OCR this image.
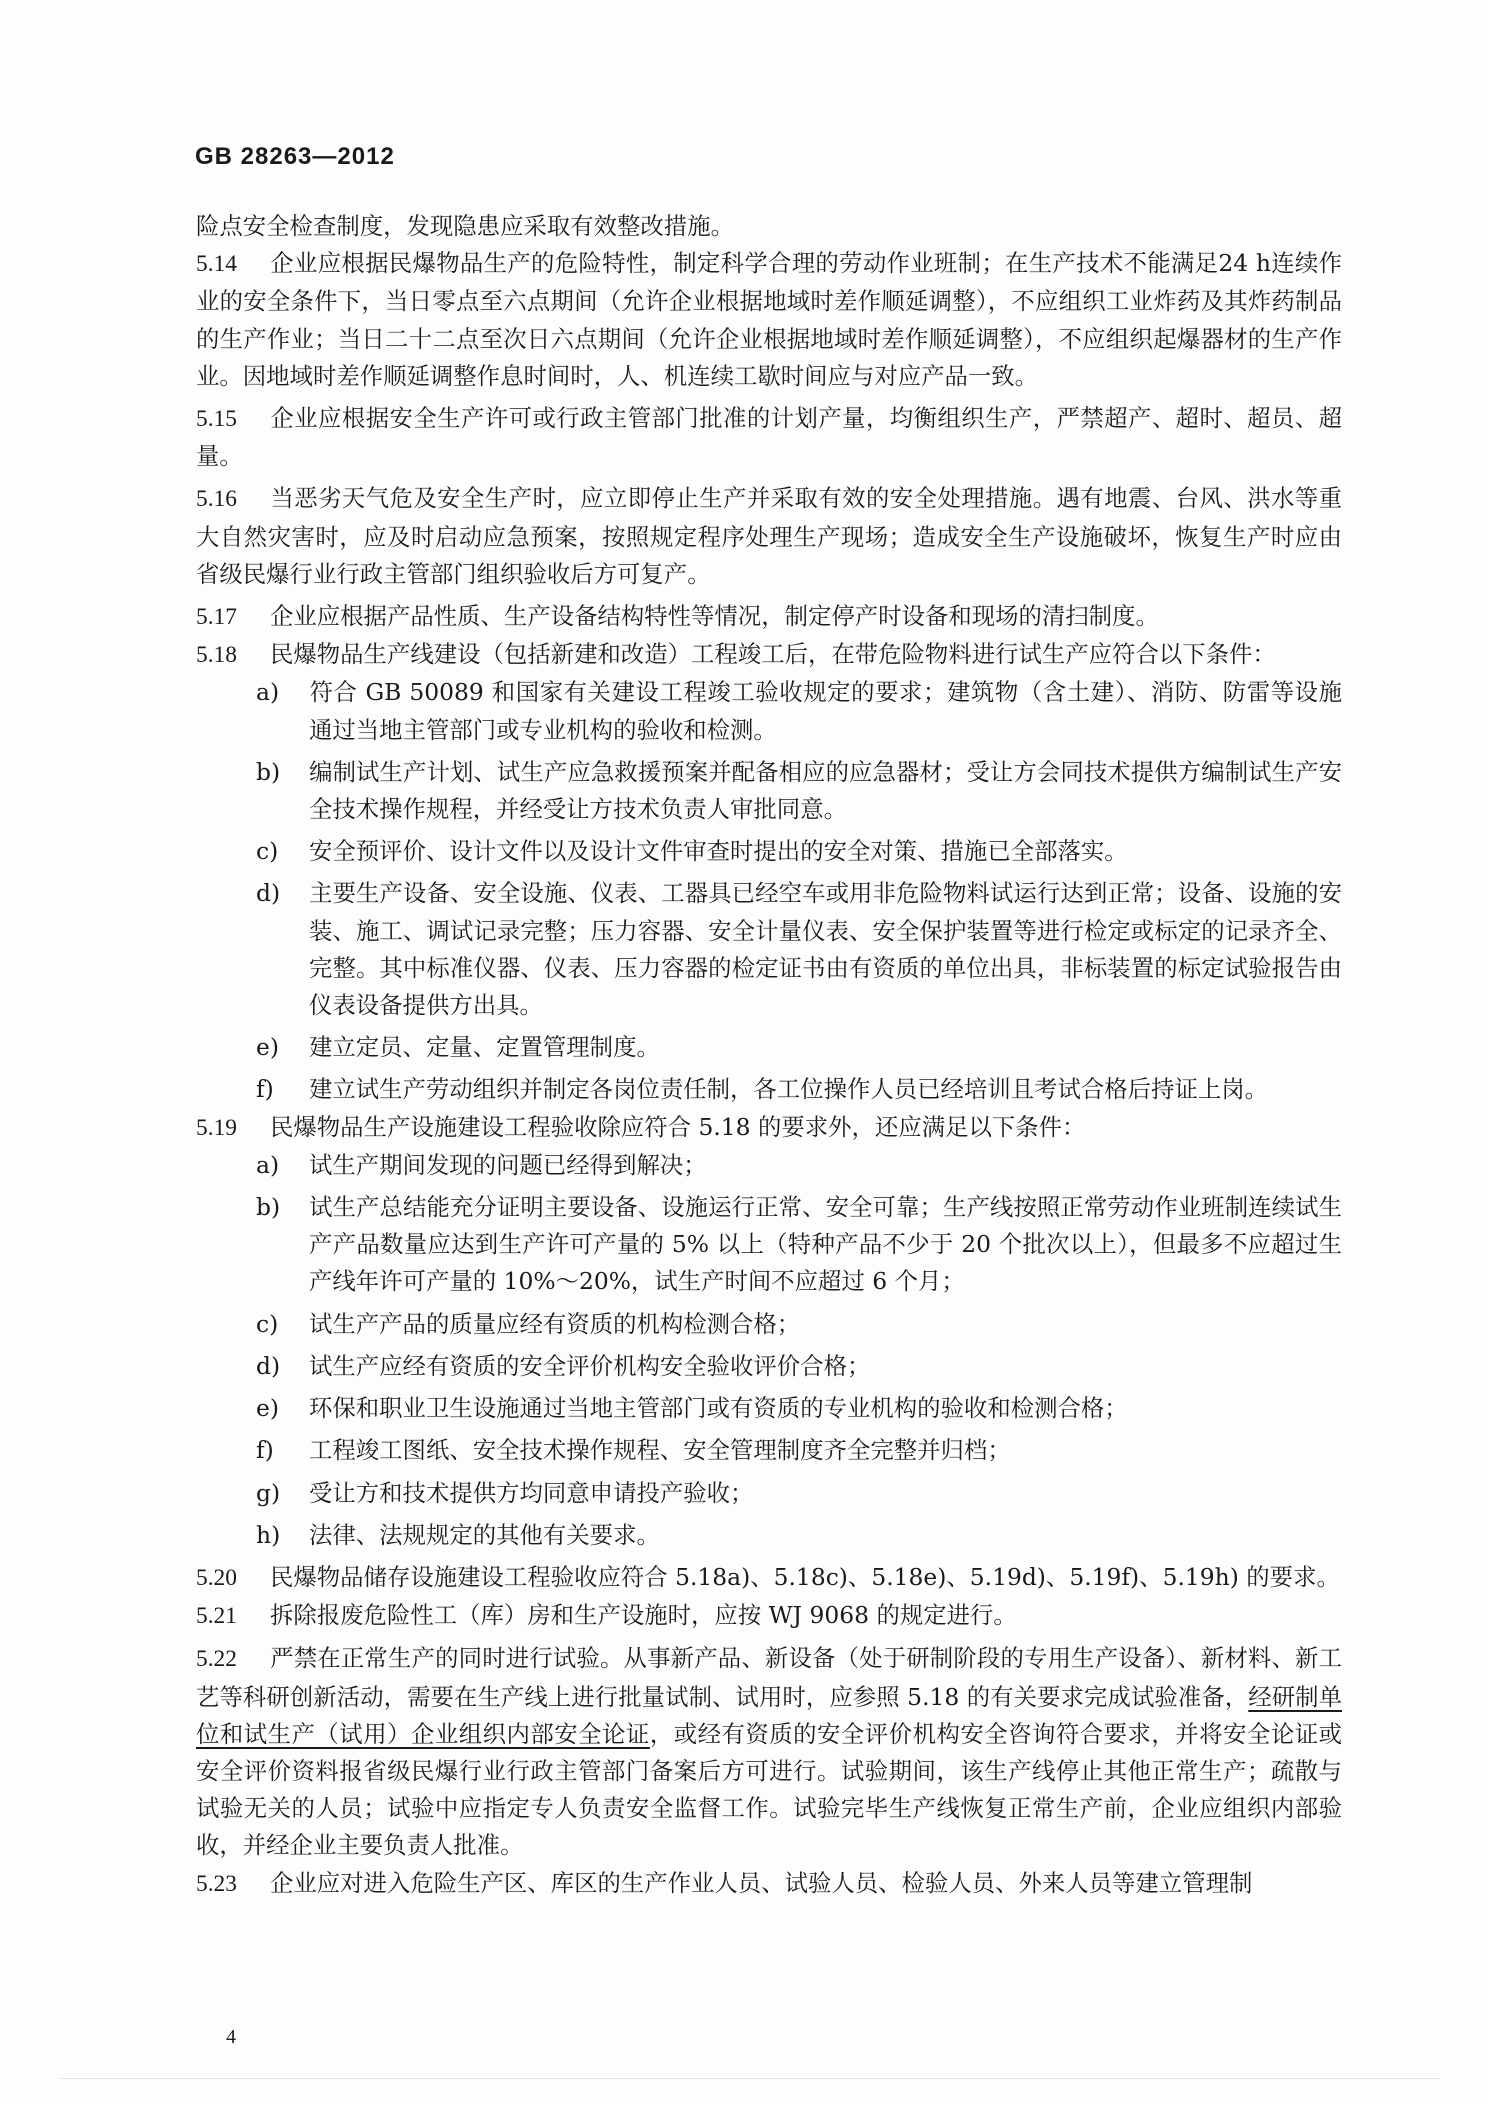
GB 28263—2012

险点安全检查制度，发现隐患应采取有效整改措施。

5.14 企业应根据民爆物品生产的危险特性，制定科学合理的劳动作业班制；在生产技术不能满足24 h连续作业的安全条件下，当日零点至六点期间（允许企业根据地域时差作顺延调整），不应组织工业炸药及其炸药制品的生产作业；当日二十二点至次日六点期间（允许企业根据地域时差作顺延调整），不应组织起爆器材的生产作业。因地域时差作顺延调整作息时间时，人、机连续工歇时间应与对应产品一致。

5.15 企业应根据安全生产许可或行政主管部门批准的计划产量，均衡组织生产，严禁超产、超时、超员、超量。

5.16 当恶劣天气危及安全生产时，应立即停止生产并采取有效的安全处理措施。遇有地震、台风、洪水等重大自然灾害时，应及时启动应急预案，按照规定程序处理生产现场；造成安全生产设施破坏，恢复生产时应由省级民爆行业行政主管部门组织验收后方可复产。

5.17 企业应根据产品性质、生产设备结构特性等情况，制定停产时设备和现场的清扫制度。

5.18 民爆物品生产线建设（包括新建和改造）工程竣工后，在带危险物料进行试生产应符合以下条件：

a) 符合 GB 50089 和国家有关建设工程竣工验收规定的要求；建筑物（含土建）、消防、防雷等设施通过当地主管部门或专业机构的验收和检测。

b) 编制试生产计划、试生产应急救援预案并配备相应的应急器材；受让方会同技术提供方编制试生产安全技术操作规程，并经受让方技术负责人审批同意。

c) 安全预评价、设计文件以及设计文件审查时提出的安全对策、措施已全部落实。

d) 主要生产设备、安全设施、仪表、工器具已经空车或用非危险物料试运行达到正常；设备、设施的安装、施工、调试记录完整；压力容器、安全计量仪表、安全保护装置等进行检定或标定的记录齐全、完整。其中标准仪器、仪表、压力容器的检定证书由有资质的单位出具，非标装置的标定试验报告由仪表设备提供方出具。

e) 建立定员、定量、定置管理制度。

f) 建立试生产劳动组织并制定各岗位责任制，各工位操作人员已经培训且考试合格后持证上岗。

5.19 民爆物品生产设施建设工程验收除应符合 5.18 的要求外，还应满足以下条件：

a) 试生产期间发现的问题已经得到解决；

b) 试生产总结能充分证明主要设备、设施运行正常、安全可靠；生产线按照正常劳动作业班制连续试生产产品数量应达到生产许可产量的 5% 以上（特种产品不少于 20 个批次以上），但最多不应超过生产线年许可产量的 10%～20%，试生产时间不应超过 6 个月；

c) 试生产产品的质量应经有资质的机构检测合格；

d) 试生产应经有资质的安全评价机构安全验收评价合格；

e) 环保和职业卫生设施通过当地主管部门或有资质的专业机构的验收和检测合格；

f) 工程竣工图纸、安全技术操作规程、安全管理制度齐全完整并归档；

g) 受让方和技术提供方均同意申请投产验收；

h) 法律、法规规定的其他有关要求。

5.20 民爆物品储存设施建设工程验收应符合 5.18a)、5.18c)、5.18e)、5.19d)、5.19f)、5.19h) 的要求。

5.21 拆除报废危险性工（库）房和生产设施时，应按 WJ 9068 的规定进行。

5.22 严禁在正常生产的同时进行试验。从事新产品、新设备（处于研制阶段的专用生产设备）、新材料、新工艺等科研创新活动，需要在生产线上进行批量试制、试用时，应参照 5.18 的有关要求完成试验准备，经研制单位和试生产（试用）企业组织内部安全论证，或经有资质的安全评价机构安全咨询符合要求，并将安全论证或安全评价资料报省级民爆行业行政主管部门备案后方可进行。试验期间，该生产线停止其他正常生产；疏散与试验无关的人员；试验中应指定专人负责安全监督工作。试验完毕生产线恢复正常生产前，企业应组织内部验收，并经企业主要负责人批准。

5.23 企业应对进入危险生产区、库区的生产作业人员、试验人员、检验人员、外来人员等建立管理制

4
